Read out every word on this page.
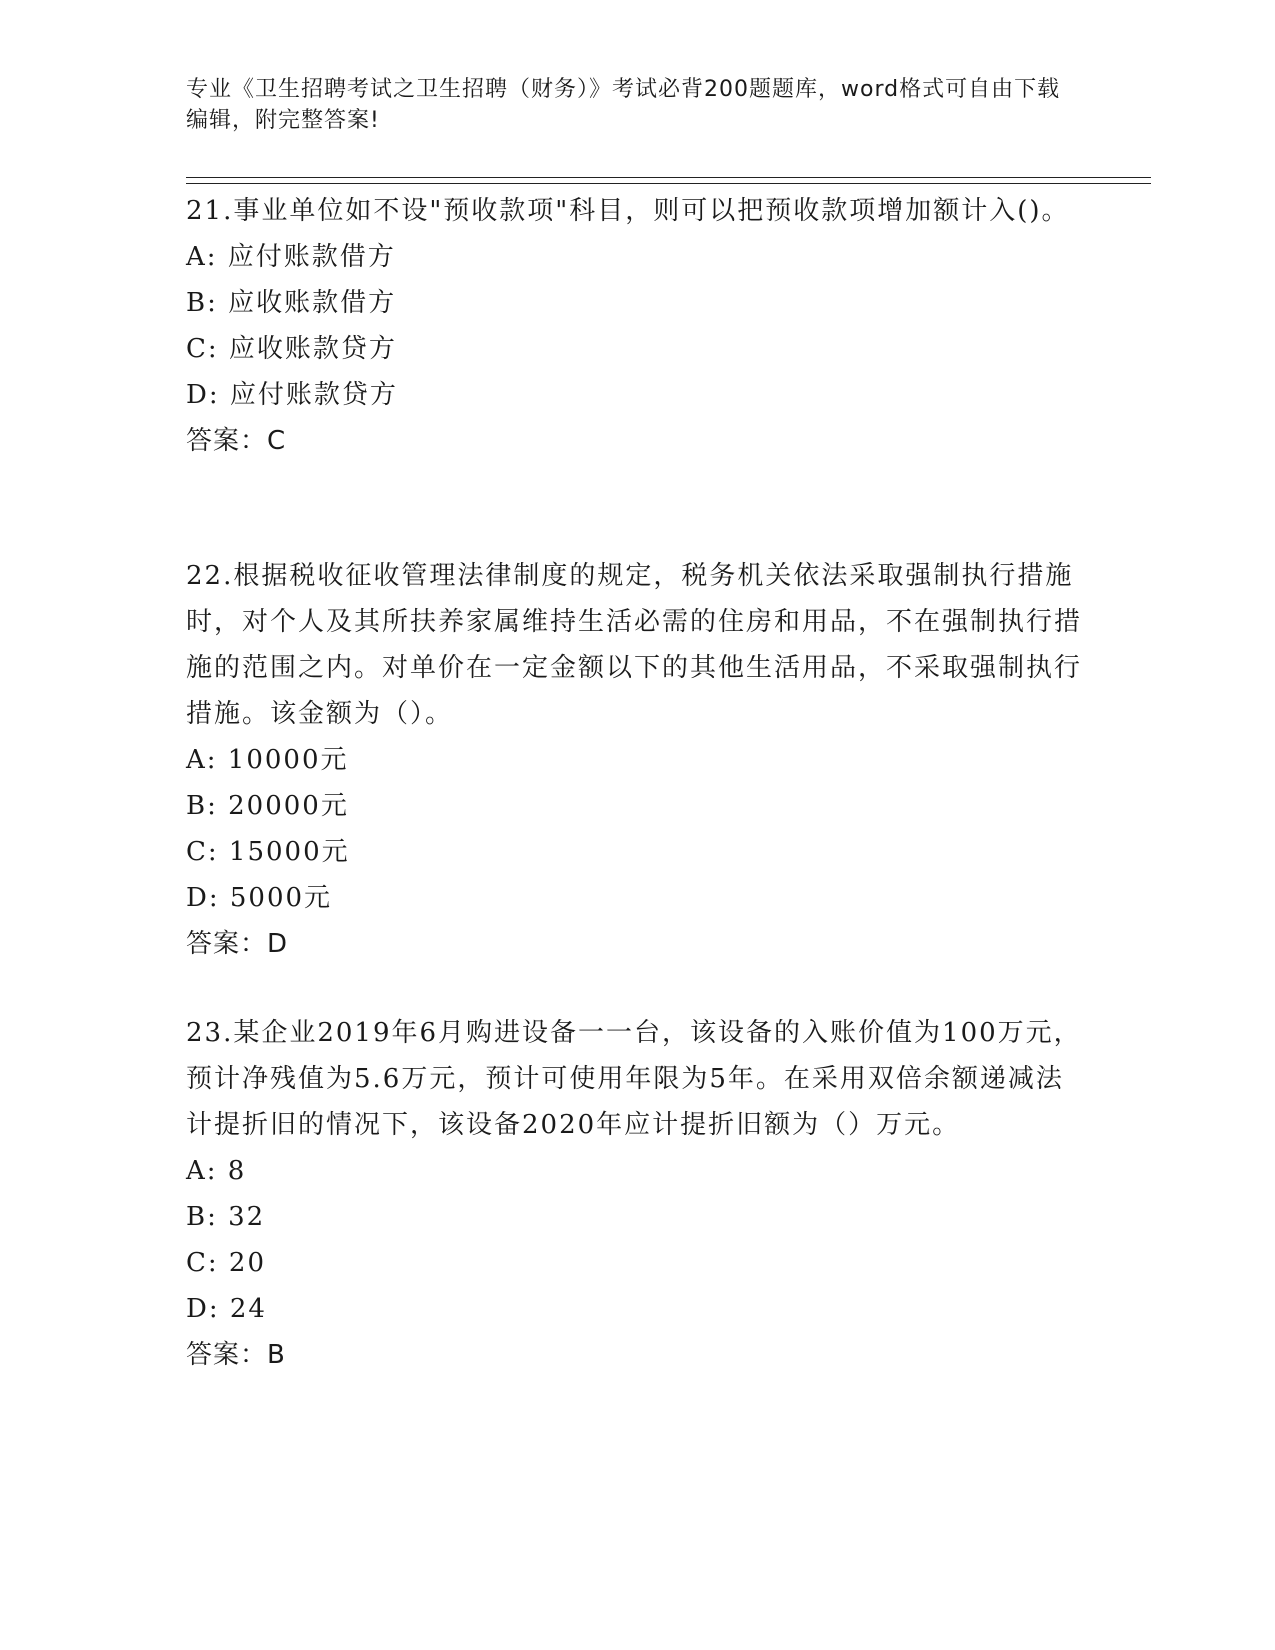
专业《卫生招聘考试之卫生招聘（财务）》考试必背200题题库，word格式可自由下载编辑，附完整答案!

21.事业单位如不设"预收款项"科目，则可以把预收款项增加额计入()。

A: 应付账款借方
B: 应收账款借方
C: 应收账款贷方
D: 应付账款贷方
答案：C

22.根据税收征收管理法律制度的规定，税务机关依法采取强制执行措施时，对个人及其所扶养家属维持生活必需的住房和用品，不在强制执行措施的范围之内。对单价在一定金额以下的其他生活用品，不采取强制执行措施。该金额为（）。

A: 10000元
B: 20000元
C: 15000元
D: 5000元
答案：D

23.某企业2019年6月购进设备一一台，该设备的入账价值为100万元，预计净残值为5.6万元，预计可使用年限为5年。在采用双倍余额递减法计提折旧的情况下，该设备2020年应计提折旧额为（）万元。

A: 8
B: 32
C: 20
D: 24
答案：B
